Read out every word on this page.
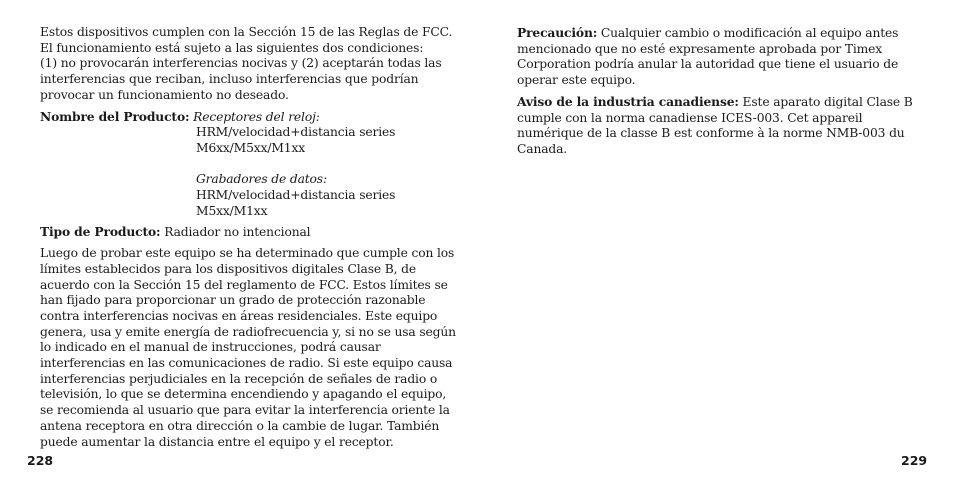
Estos dispositivos cumplen con la Sección 15 de las Reglas de FCC.
El funcionamiento está sujeto a las siguientes dos condiciones:
(1) no provocarán interferencias nocivas y (2) aceptarán todas las
interferencias que reciban, incluso interferencias que podrían
provocar un funcionamiento no deseado.

Nombre del Producto: Receptores del reloj:
HRM/velocidad+distancia series
M6xx/M5xx/M1xx
Grabadores de datos:
HRM/velocidad+distancia series
M5xx/M1xx
Tipo de Producto: Radiador no intencional

Luego de probar este equipo se ha determinado que cumple con los
límites establecidos para los dispositivos digitales Clase B, de
acuerdo con la Sección 15 del reglamento de FCC. Estos límites se
han fijado para proporcionar un grado de protección razonable
contra interferencias nocivas en áreas residenciales. Este equipo
genera, usa y emite energía de radiofrecuencia y, si no se usa según
lo indicado en el manual de instrucciones, podrá causar
interferencias en las comunicaciones de radio. Si este equipo causa
interferencias perjudiciales en la recepción de señales de radio o
televisión, lo que se determina encendiendo y apagando el equipo,
se recomienda al usuario que para evitar la interferencia oriente la
antena receptora en otra dirección o la cambie de lugar. También
puede aumentar la distancia entre el equipo y el receptor.

228

Precaución: Cualquier cambio o modificación al equipo antes
mencionado que no esté expresamente aprobada por Timex
Corporation podría anular la autoridad que tiene el usuario de
operar este equipo.

Aviso de la industria canadiense: Este aparato digital Clase B
cumple con la norma canadiense ICES-003. Cet appareil
numérique de la classe B est conforme à la norme NMB-003 du
Canada.

229
